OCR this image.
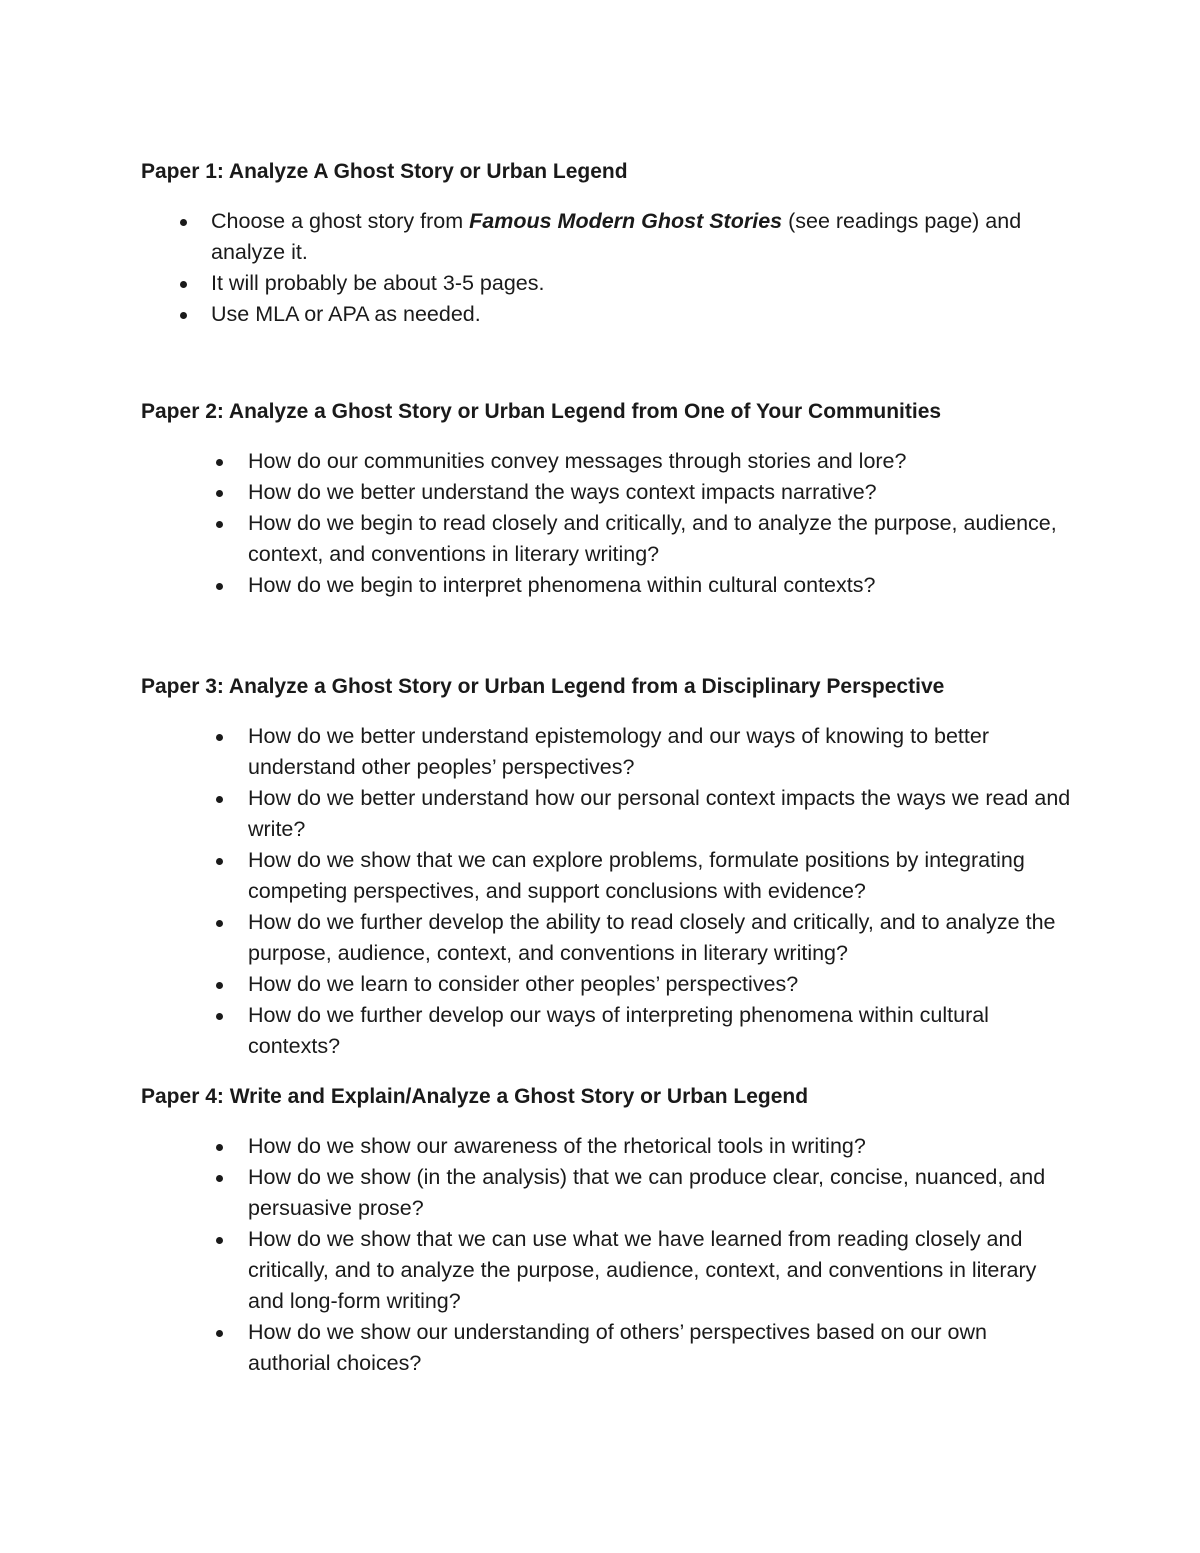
Paper 1: Analyze A Ghost Story or Urban Legend
Choose a ghost story from Famous Modern Ghost Stories (see readings page) and analyze it.
It will probably be about 3-5 pages.
Use MLA or APA as needed.
Paper 2: Analyze a Ghost Story or Urban Legend from One of Your Communities
How do our communities convey messages through stories and lore?
How do we better understand the ways context impacts narrative?
How do we begin to read closely and critically, and to analyze the purpose, audience, context, and conventions in literary writing?
How do we begin to interpret phenomena within cultural contexts?
Paper 3: Analyze a Ghost Story or Urban Legend from a Disciplinary Perspective
How do we better understand epistemology and our ways of knowing to better understand other peoples’ perspectives?
How do we better understand how our personal context impacts the ways we read and write?
How do we show that we can explore problems, formulate positions by integrating competing perspectives, and support conclusions with evidence?
How do we further develop the ability to read closely and critically, and to analyze the purpose, audience, context, and conventions in literary writing?
How do we learn to consider other peoples’ perspectives?
How do we further develop our ways of interpreting phenomena within cultural contexts?
Paper 4: Write and Explain/Analyze a Ghost Story or Urban Legend
How do we show our awareness of the rhetorical tools in writing?
How do we show (in the analysis) that we can produce clear, concise, nuanced, and persuasive prose?
How do we show that we can use what we have learned from reading closely and critically, and to analyze the purpose, audience, context, and conventions in literary and long-form writing?
How do we show our understanding of others’ perspectives based on our own authorial choices?
